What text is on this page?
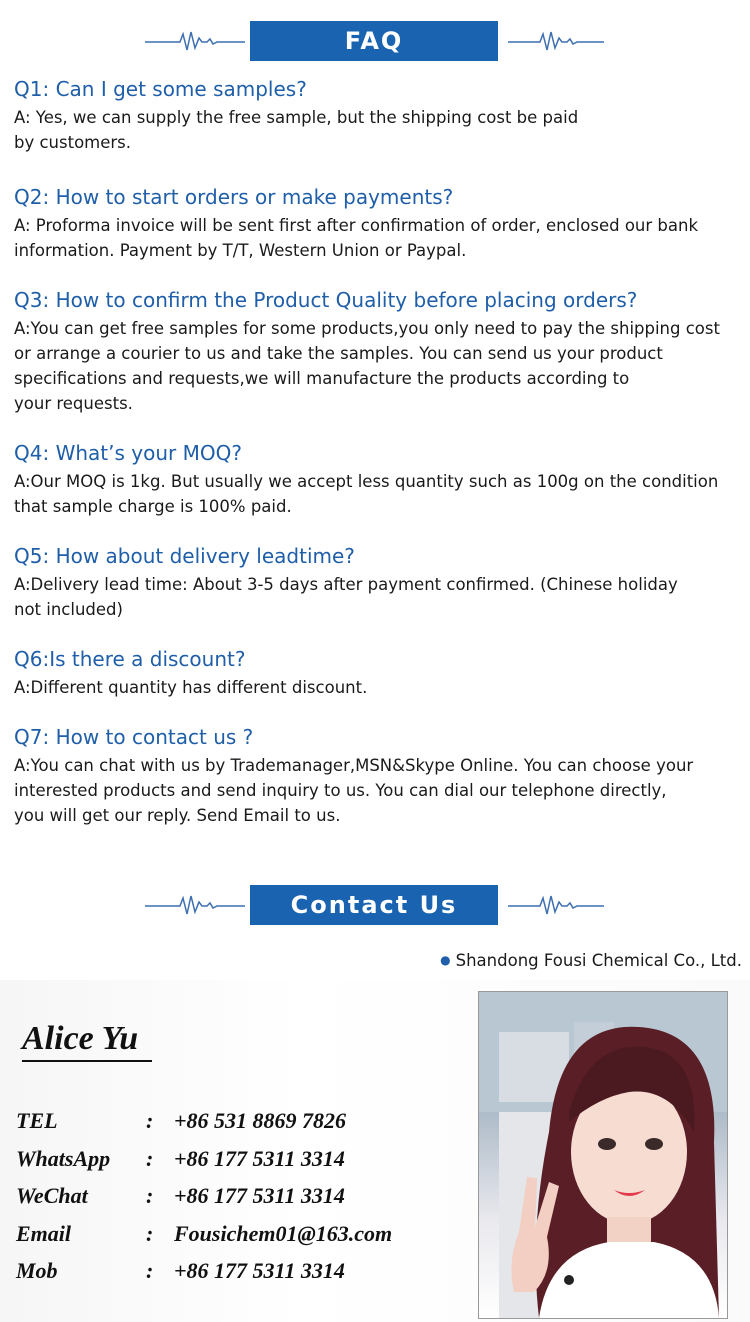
FAQ

Q1: Can I get some samples?

A: Yes, we can supply the free sample, but the shipping cost be paid
by customers.

Q2: How to start orders or make payments?

A: Proforma invoice will be sent first after confirmation of order, enclosed our bank
information. Payment by T/T, Western Union or Paypal.

Q3: How to confirm the Product Quality before placing orders?

A:You can get free samples for some products,you only need to pay the shipping cost
or arrange a courier to us and take the samples. You can send us your product
specifications and requests,we will manufacture the products according to
your requests.

Q4: What’s your MOQ?

A:Our MOQ is 1kg. But usually we accept less quantity such as 100g on the condition
that sample charge is 100% paid.

Q5: How about delivery leadtime?

A:Delivery lead time: About 3-5 days after payment confirmed. (Chinese holiday
not included)

Q6:Is there a discount?

A:Different quantity has different discount.

Q7: How to contact us ?

A:You can chat with us by Trademanager,MSN&Skype Online. You can choose your
interested products and send inquiry to us. You can dial our telephone directly,
you will get our reply. Send Email to us.

Contact Us
● Shandong Fousi Chemical Co., Ltd.
Alice Yu
TEL	: +86 531 8869 7826
WhatsApp : +86 177 5311 3314
WeChat	: +86 177 5311 3314
Email	: Fousichem01@163.com
Mob	: +86 177 5311 3314
